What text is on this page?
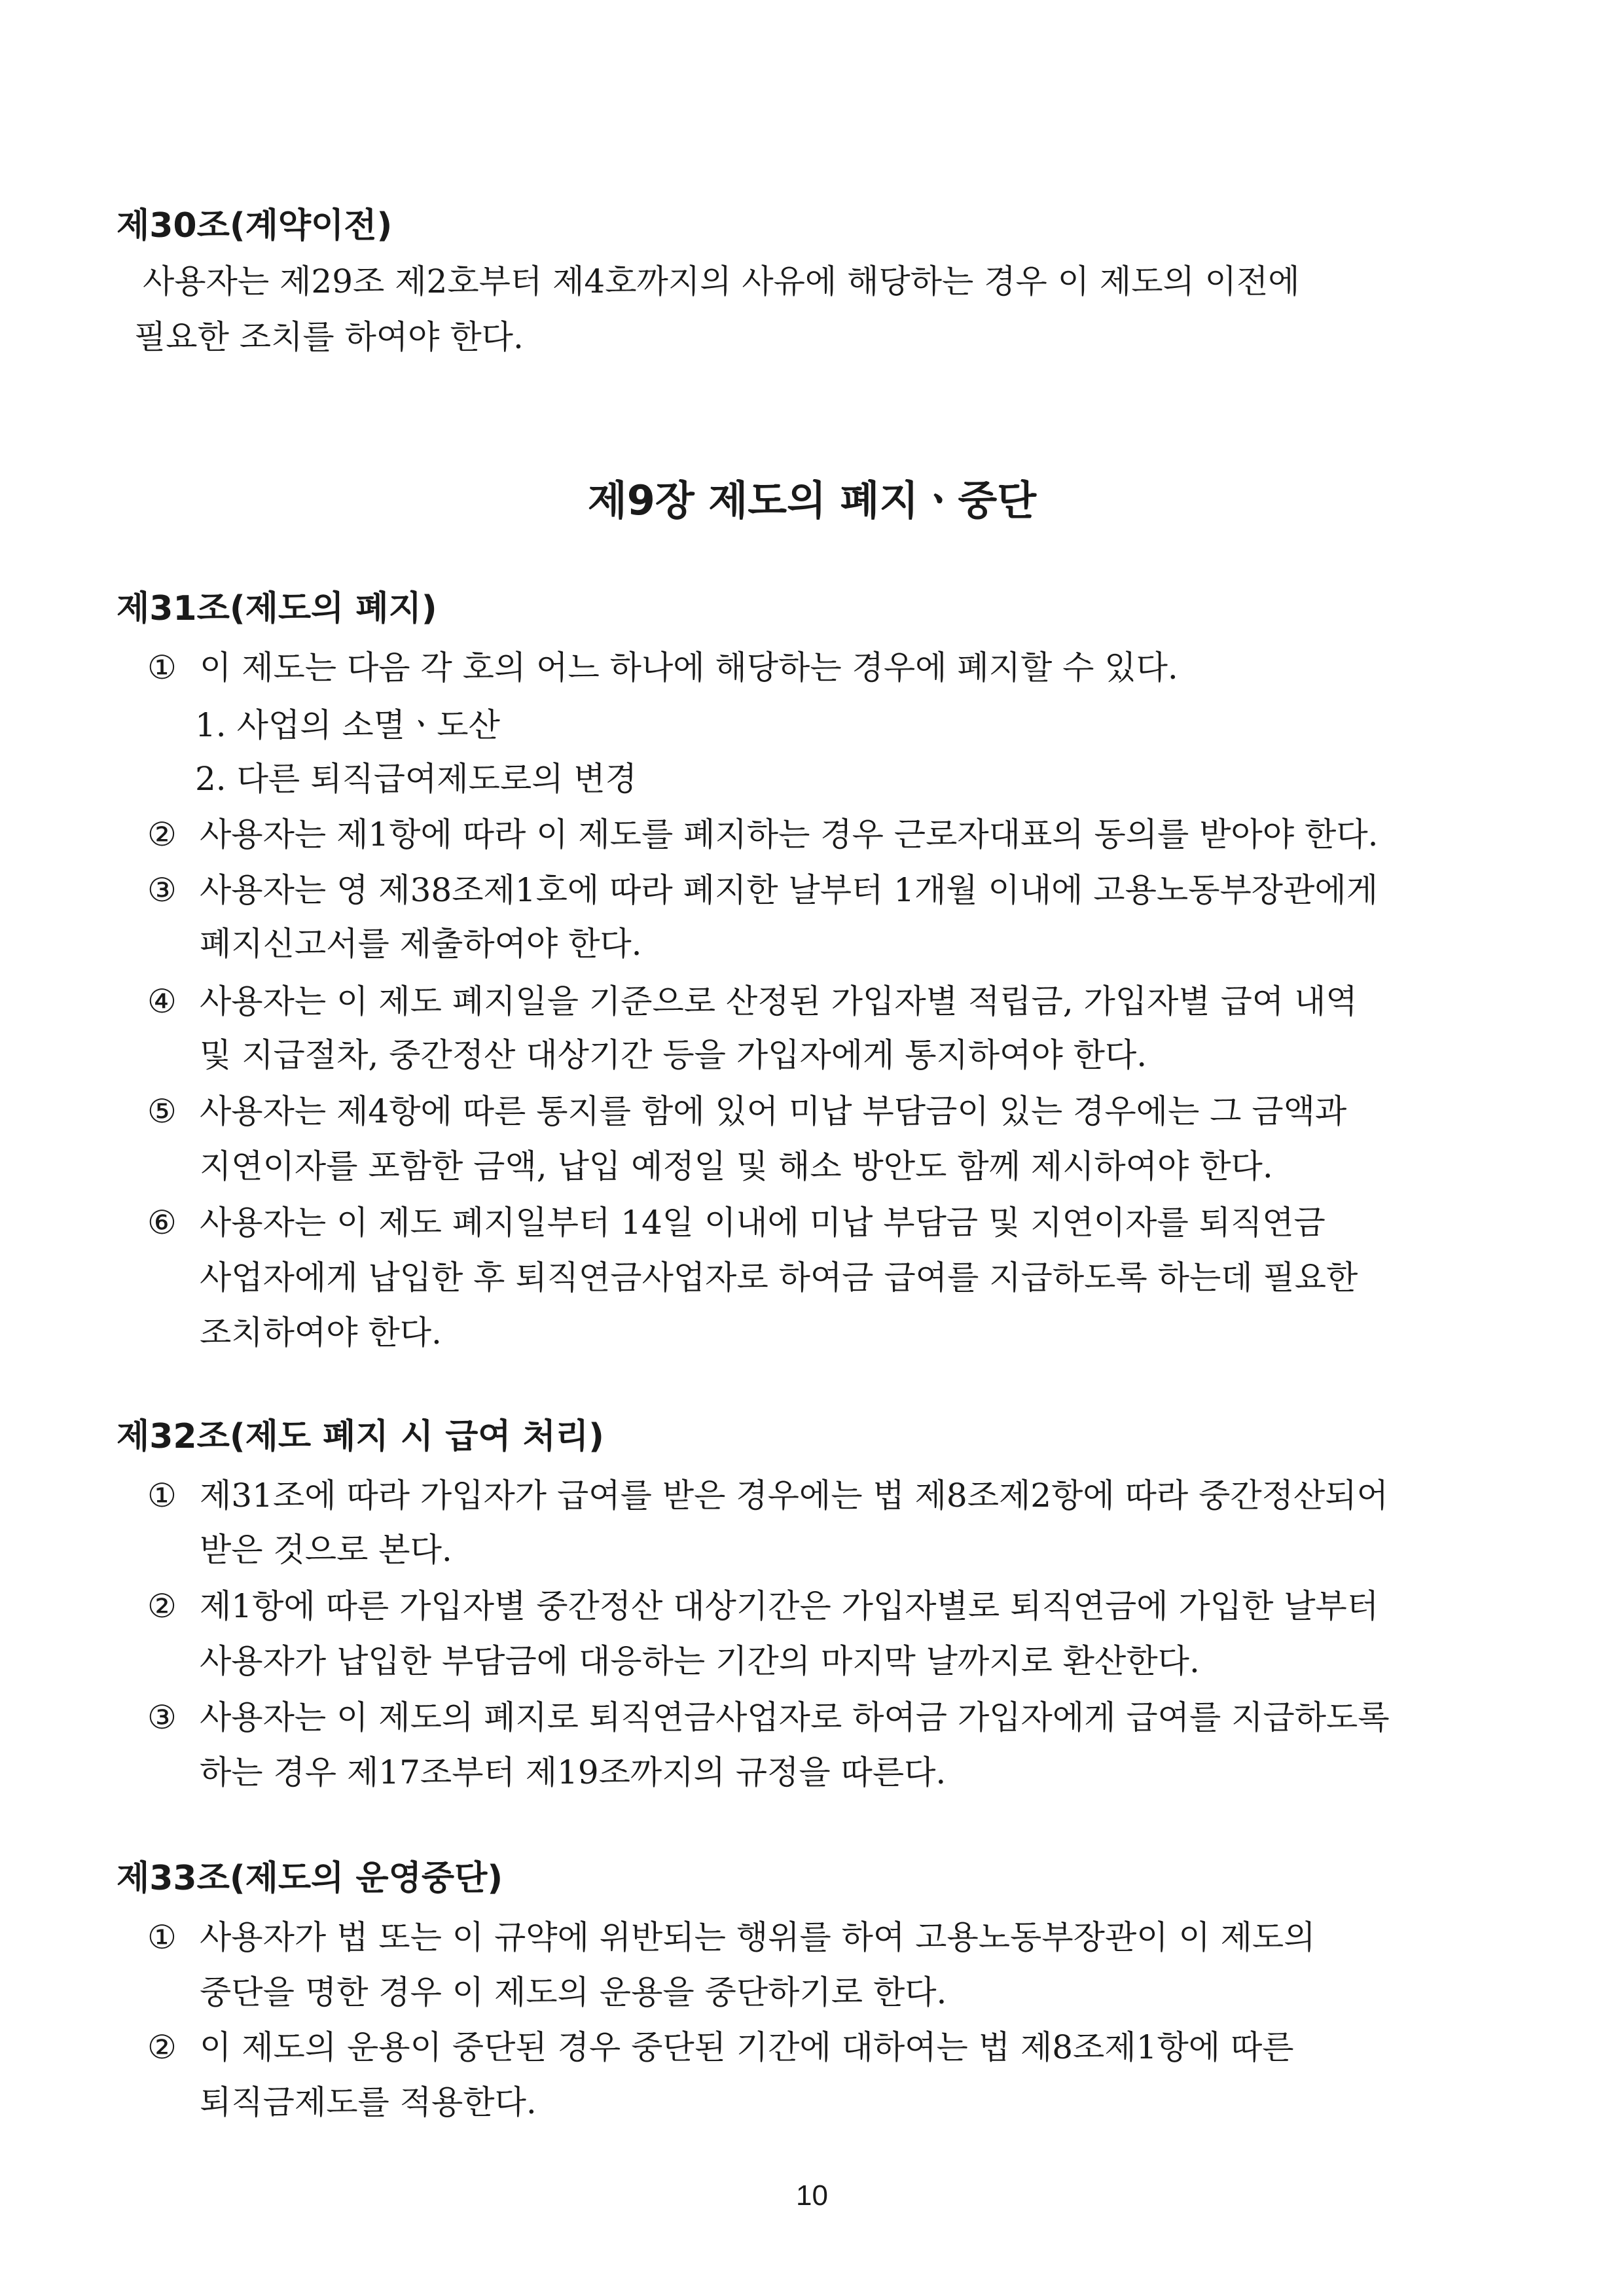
제30조(계약이전)
사용자는 제29조 제2호부터 제4호까지의 사유에 해당하는 경우 이 제도의 이전에
필요한 조치를 하여야 한다.
제9장 제도의 폐지ㆍ중단
제31조(제도의 폐지)
① 이 제도는 다음 각 호의 어느 하나에 해당하는 경우에 폐지할 수 있다.
1. 사업의 소멸ㆍ도산
2. 다른 퇴직급여제도로의 변경
② 사용자는 제1항에 따라 이 제도를 폐지하는 경우 근로자대표의 동의를 받아야 한다.
③ 사용자는 영 제38조제1호에 따라 폐지한 날부터 1개월 이내에 고용노동부장관에게
폐지신고서를 제출하여야 한다.
④ 사용자는 이 제도 폐지일을 기준으로 산정된 가입자별 적립금, 가입자별 급여 내역
및 지급절차, 중간정산 대상기간 등을 가입자에게 통지하여야 한다.
⑤ 사용자는 제4항에 따른 통지를 함에 있어 미납 부담금이 있는 경우에는 그 금액과
지연이자를 포함한 금액, 납입 예정일 및 해소 방안도 함께 제시하여야 한다.
⑥ 사용자는 이 제도 폐지일부터 14일 이내에 미납 부담금 및 지연이자를 퇴직연금
사업자에게 납입한 후 퇴직연금사업자로 하여금 급여를 지급하도록 하는데 필요한
조치하여야 한다.
제32조(제도 폐지 시 급여 처리)
① 제31조에 따라 가입자가 급여를 받은 경우에는 법 제8조제2항에 따라 중간정산되어
받은 것으로 본다.
② 제1항에 따른 가입자별 중간정산 대상기간은 가입자별로 퇴직연금에 가입한 날부터
사용자가 납입한 부담금에 대응하는 기간의 마지막 날까지로 환산한다.
③ 사용자는 이 제도의 폐지로 퇴직연금사업자로 하여금 가입자에게 급여를 지급하도록
하는 경우 제17조부터 제19조까지의 규정을 따른다.
제33조(제도의 운영중단)
① 사용자가 법 또는 이 규약에 위반되는 행위를 하여 고용노동부장관이 이 제도의
중단을 명한 경우 이 제도의 운용을 중단하기로 한다.
② 이 제도의 운용이 중단된 경우 중단된 기간에 대하여는 법 제8조제1항에 따른
퇴직금제도를 적용한다.
10
